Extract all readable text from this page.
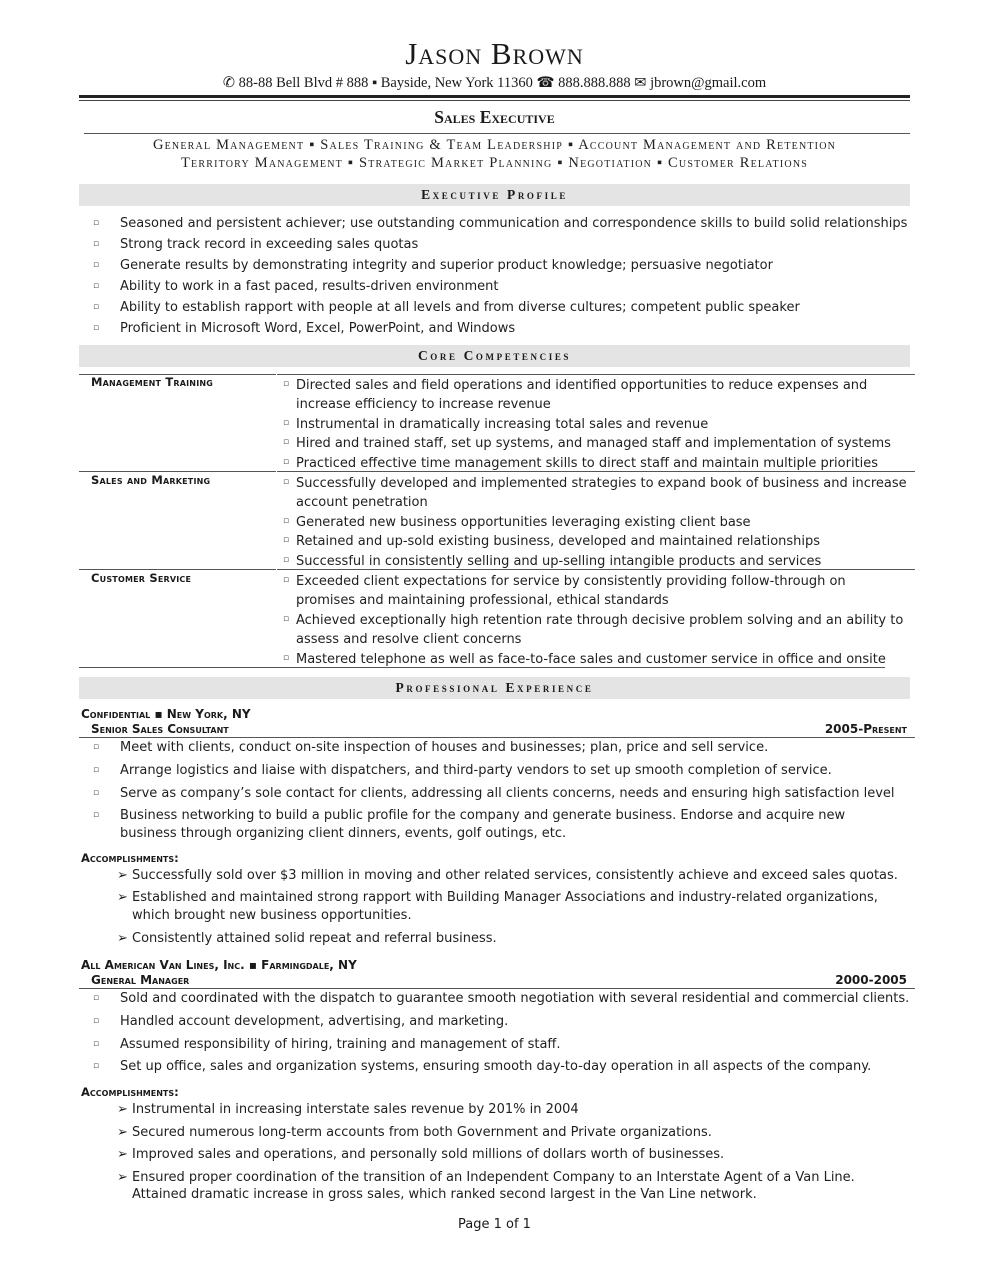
Jason Brown
✆ 88-88 Bell Blvd # 888 ▪ Bayside, New York 11360 ☎ 888.888.888 ✉ jbrown@gmail.com
Sales Executive
General Management ▪ Sales Training & Team Leadership ▪ Account Management and Retention
Territory Management ▪ Strategic Market Planning ▪ Negotiation ▪ Customer Relations
Executive Profile
▫ Seasoned and persistent achiever; use outstanding communication and correspondence skills to build solid relationships
▫ Strong track record in exceeding sales quotas
▫ Generate results by demonstrating integrity and superior product knowledge; persuasive negotiator
▫ Ability to work in a fast paced, results-driven environment
▫ Ability to establish rapport with people at all levels and from diverse cultures; competent public speaker
▫ Proficient in Microsoft Word, Excel, PowerPoint, and Windows
Core Competencies
Management Training	▫ Directed sales and field operations and identified opportunities to reduce expenses and
increase efficiency to increase revenue
▫ Instrumental in dramatically increasing total sales and revenue
▫ Hired and trained staff, set up systems, and managed staff and implementation of systems
▫ Practiced effective time management skills to direct staff and maintain multiple priorities
Sales and Marketing	▫ Successfully developed and implemented strategies to expand book of business and increase
account penetration
▫ Generated new business opportunities leveraging existing client base
▫ Retained and up-sold existing business, developed and maintained relationships
▫ Successful in consistently selling and up-selling intangible products and services
Customer Service	▫ Exceeded client expectations for service by consistently providing follow-through on
promises and maintaining professional, ethical standards
▫ Achieved exceptionally high retention rate through decisive problem solving and an ability to
assess and resolve client concerns
▫ Mastered telephone as well as face-to-face sales and customer service in office and onsite
Professional Experience
Confidential ▪ New York, NY
Senior Sales Consultant	2005-Present
▫ Meet with clients, conduct on-site inspection of houses and businesses; plan, price and sell service.
▫ Arrange logistics and liaise with dispatchers, and third-party vendors to set up smooth completion of service.
▫ Serve as company’s sole contact for clients, addressing all clients concerns, needs and ensuring high satisfaction level
▫ Business networking to build a public profile for the company and generate business. Endorse and acquire new
business through organizing client dinners, events, golf outings, etc.
Accomplishments:
➢ Successfully sold over $3 million in moving and other related services, consistently achieve and exceed sales quotas.
➢ Established and maintained strong rapport with Building Manager Associations and industry-related organizations,
which brought new business opportunities.
➢ Consistently attained solid repeat and referral business.
All American Van Lines, Inc. ▪ Farmingdale, NY
General Manager	2000-2005
▫ Sold and coordinated with the dispatch to guarantee smooth negotiation with several residential and commercial clients.
▫ Handled account development, advertising, and marketing.
▫ Assumed responsibility of hiring, training and management of staff.
▫ Set up office, sales and organization systems, ensuring smooth day-to-day operation in all aspects of the company.
Accomplishments:
➢ Instrumental in increasing interstate sales revenue by 201% in 2004
➢ Secured numerous long-term accounts from both Government and Private organizations.
➢ Improved sales and operations, and personally sold millions of dollars worth of businesses.
➢ Ensured proper coordination of the transition of an Independent Company to an Interstate Agent of a Van Line.
Attained dramatic increase in gross sales, which ranked second largest in the Van Line network.
Page 1 of 1
